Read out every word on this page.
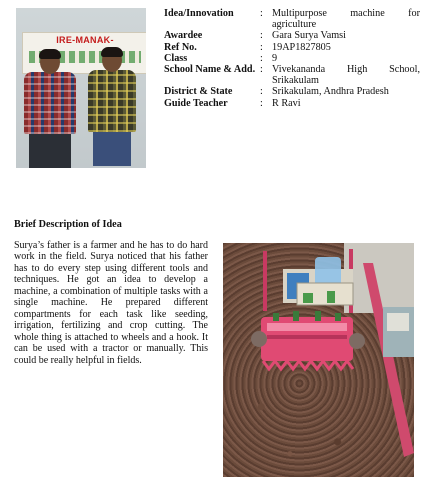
IRE-MANAK-
Idea/Innovation	: Multipurpose machine for agriculture
Awardee	: Gara Surya Vamsi
Ref No.	: 19AP1827805
Class	: 9
School Name & Add. : Vivekananda High School, Srikakulam
District & State	: Srikakulam, Andhra Pradesh
Guide Teacher	: R Ravi
Brief Description of Idea
Surya’s father is a farmer and he has to do hard work in the field. Surya noticed that his father has to do every step using different tools and techniques. He got an idea to develop a machine, a combination of multiple tasks with a single machine. He prepared different compartments for each task like seeding, irrigation, fertilizing and crop cutting. The whole thing is attached to wheels and a hook. It can be used with a tractor or manually. This could be really helpful in fields.
